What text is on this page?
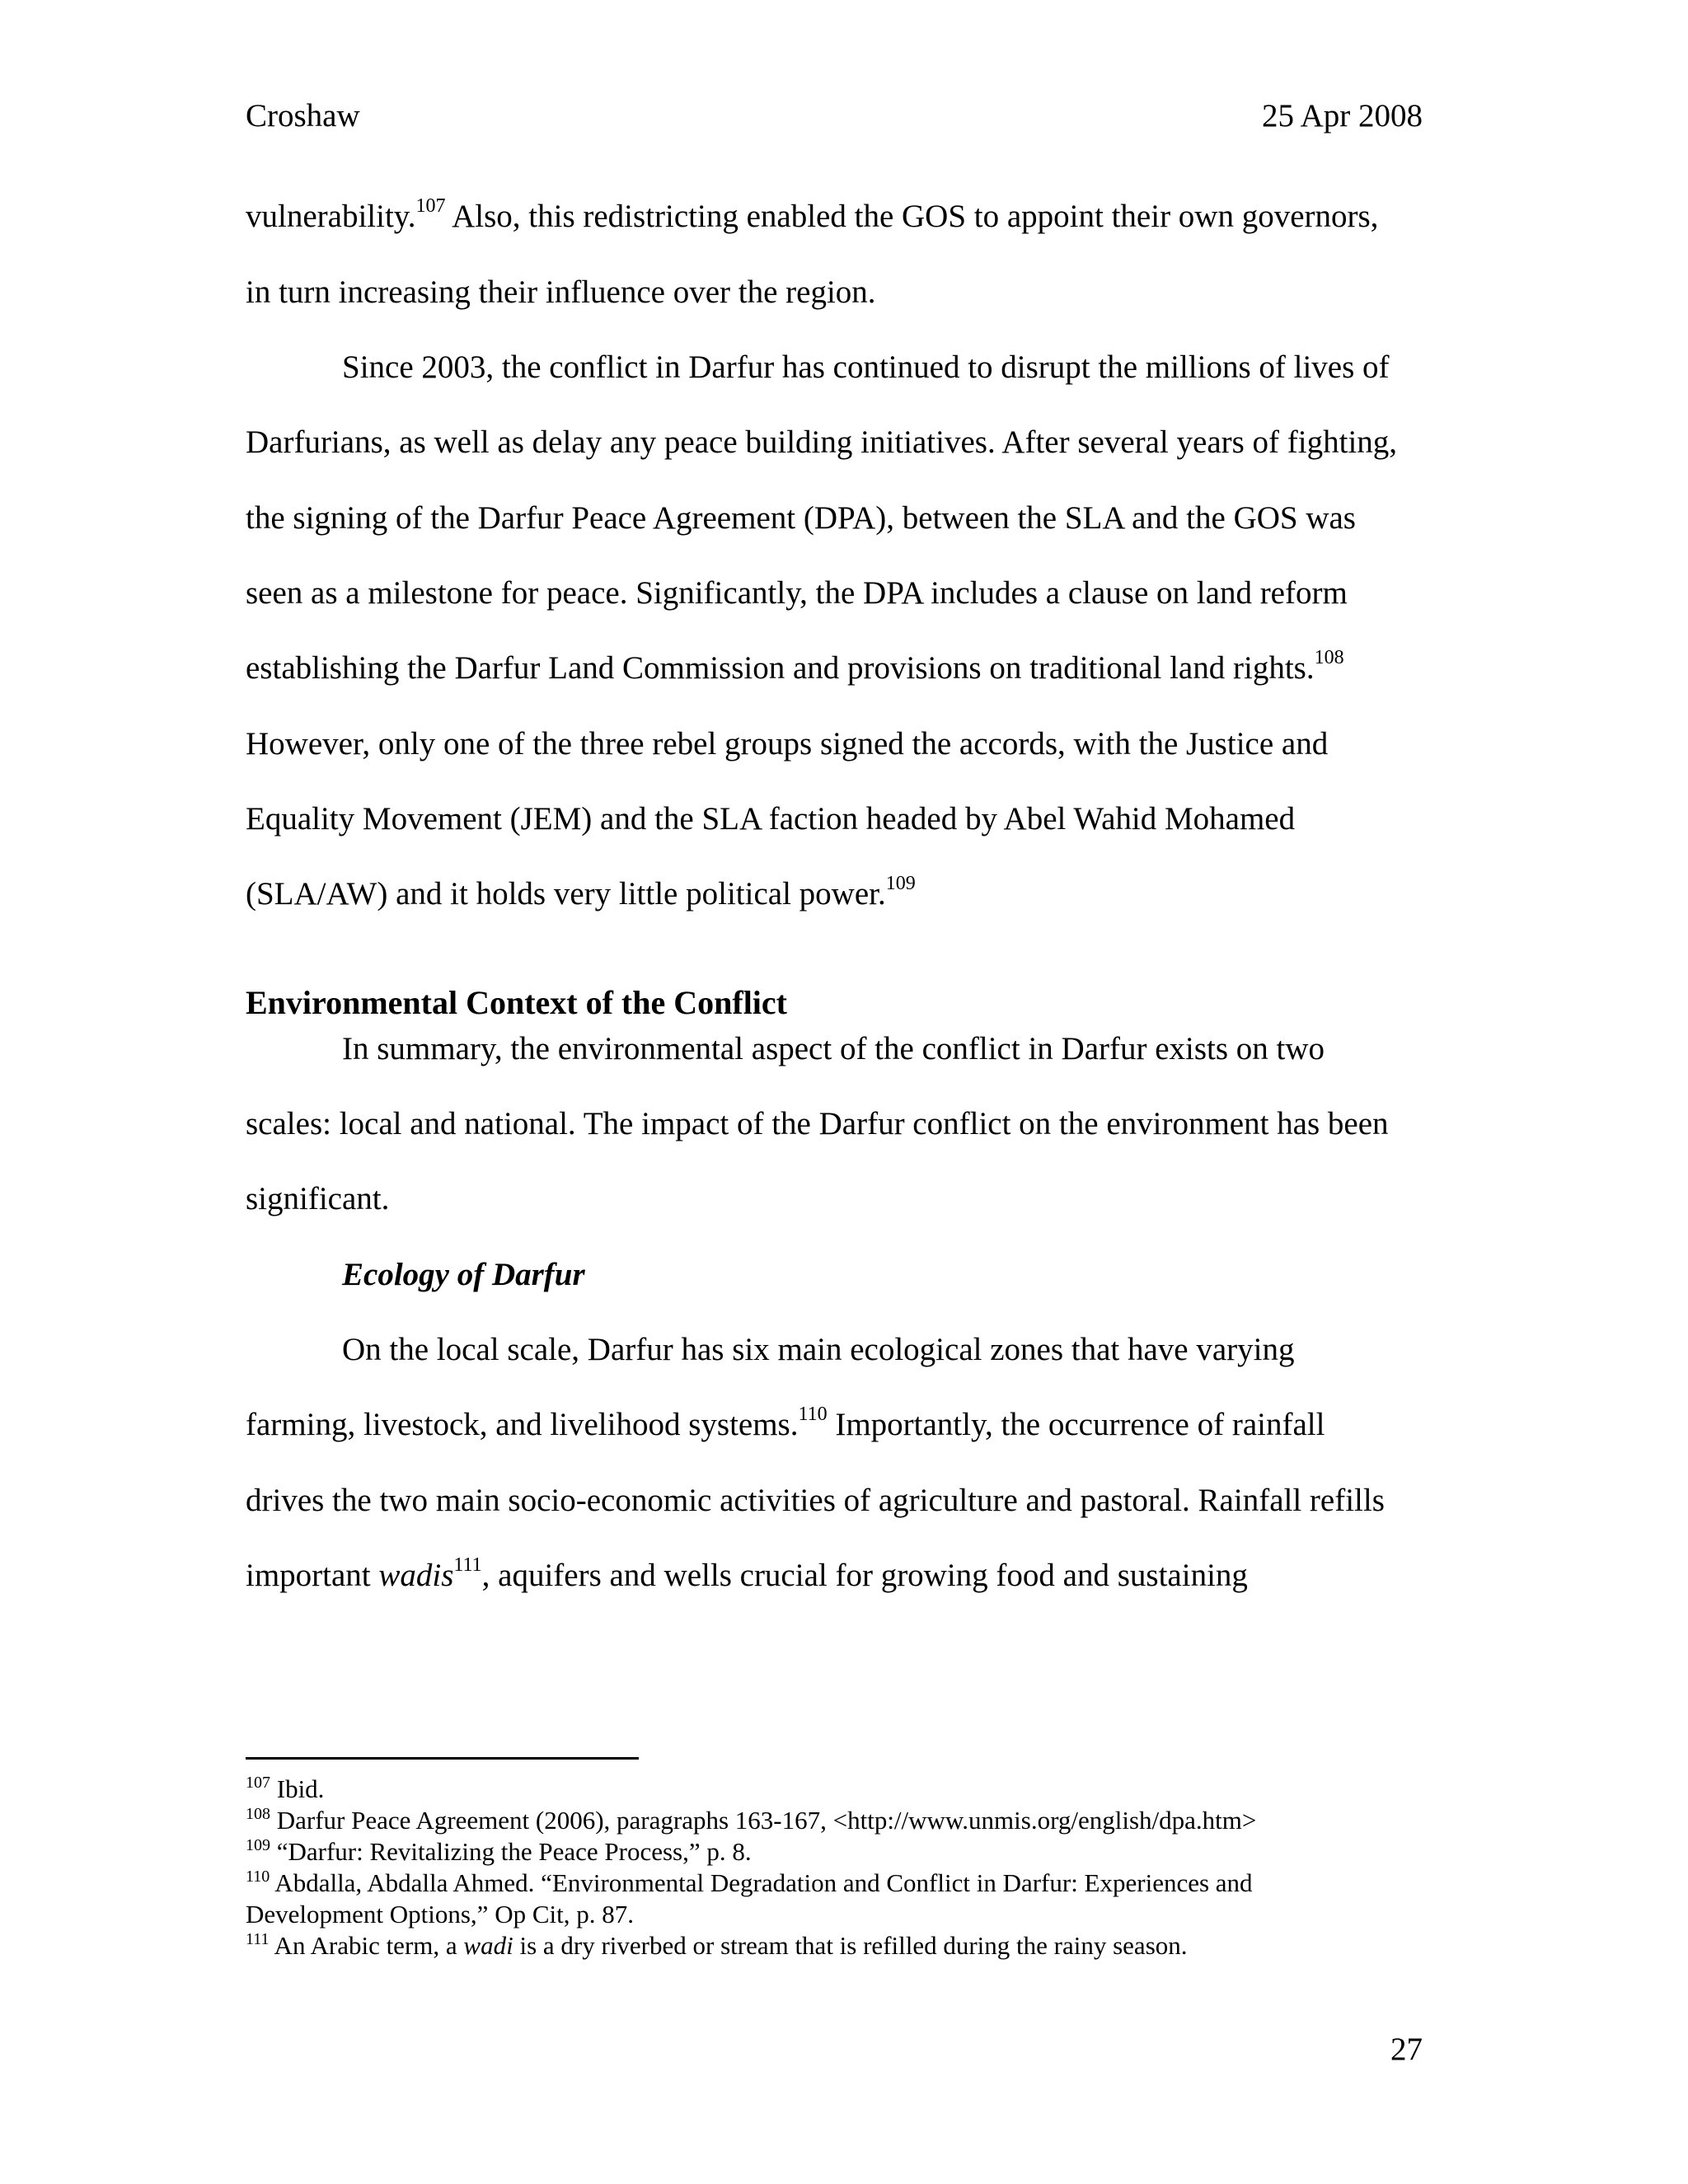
Croshaw	25 Apr 2008
vulnerability.$^{107}$ Also, this redistricting enabled the GOS to appoint their own governors,
in turn increasing their influence over the region.
Since 2003, the conflict in Darfur has continued to disrupt the millions of lives of
Darfurians, as well as delay any peace building initiatives. After several years of fighting,
the signing of the Darfur Peace Agreement (DPA), between the SLA and the GOS was
seen as a milestone for peace. Significantly, the DPA includes a clause on land reform
establishing the Darfur Land Commission and provisions on traditional land rights.$^{108}$
However, only one of the three rebel groups signed the accords, with the Justice and
Equality Movement (JEM) and the SLA faction headed by Abel Wahid Mohamed
(SLA/AW) and it holds very little political power.$^{109}$
Environmental Context of the Conflict
In summary, the environmental aspect of the conflict in Darfur exists on two
scales: local and national. The impact of the Darfur conflict on the environment has been
significant.
Ecology of Darfur
On the local scale, Darfur has six main ecological zones that have varying
farming, livestock, and livelihood systems.$^{110}$ Importantly, the occurrence of rainfall
drives the two main socio-economic activities of agriculture and pastoral. Rainfall refills
important wadis$^{111}$, aquifers and wells crucial for growing food and sustaining
$^{107}$ Ibid.
$^{108}$ Darfur Peace Agreement (2006), paragraphs 163-167, <http://www.unmis.org/english/dpa.htm>
$^{109}$ “Darfur: Revitalizing the Peace Process,” p. 8.
$^{110}$ Abdalla, Abdalla Ahmed. “Environmental Degradation and Conflict in Darfur: Experiences and
Development Options,” Op Cit, p. 87.
$^{111}$ An Arabic term, a wadi is a dry riverbed or stream that is refilled during the rainy season.
27
